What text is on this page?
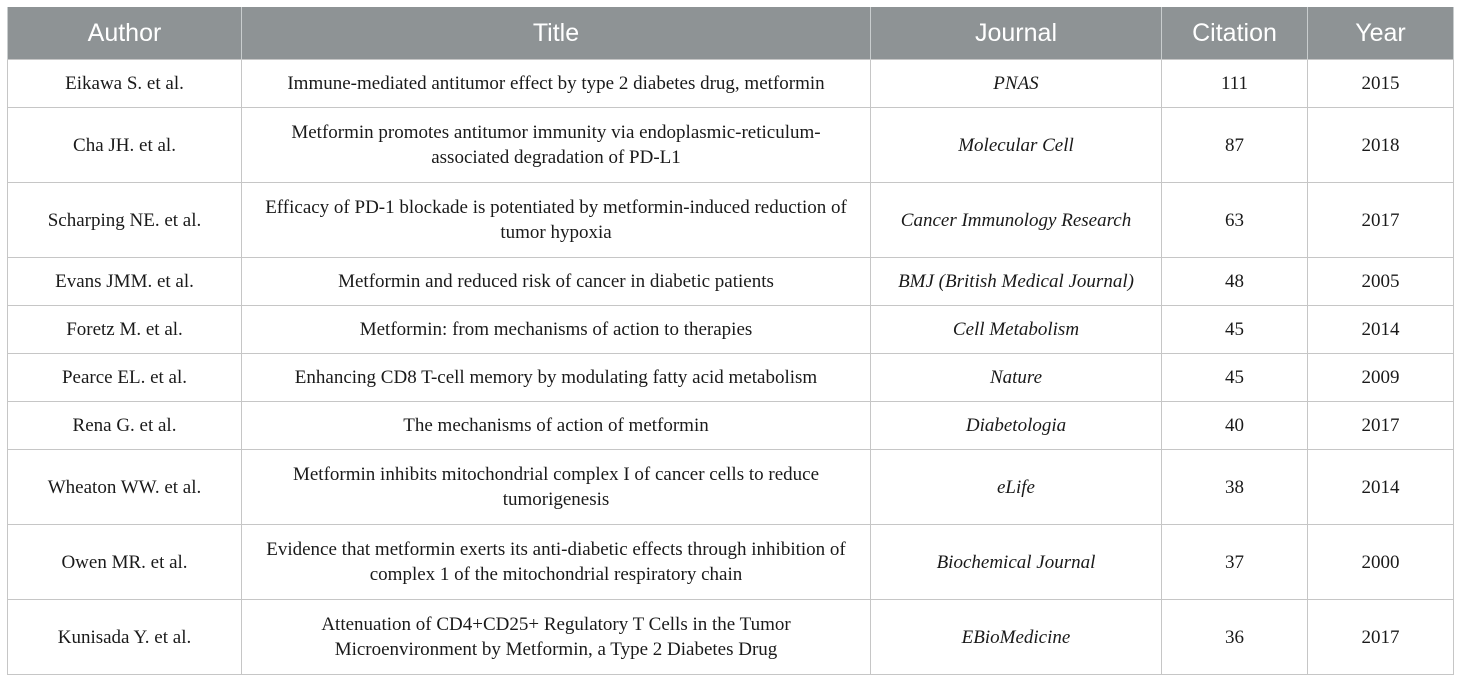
Author	Title	Journal	Citation	Year
Eikawa S. et al.	Immune-mediated antitumor effect by type 2 diabetes drug, metformin	PNAS	111	2015
Cha JH. et al.	Metformin promotes antitumor immunity via endoplasmic-reticulum-associated degradation of PD-L1	Molecular Cell	87	2018
Scharping NE. et al.	Efficacy of PD-1 blockade is potentiated by metformin-induced reduction of tumor hypoxia	Cancer Immunology Research	63	2017
Evans JMM. et al.	Metformin and reduced risk of cancer in diabetic patients	BMJ (British Medical Journal)	48	2005
Foretz M. et al.	Metformin: from mechanisms of action to therapies	Cell Metabolism	45	2014
Pearce EL. et al.	Enhancing CD8 T-cell memory by modulating fatty acid metabolism	Nature	45	2009
Rena G. et al.	The mechanisms of action of metformin	Diabetologia	40	2017
Wheaton WW. et al.	Metformin inhibits mitochondrial complex I of cancer cells to reduce tumorigenesis	eLife	38	2014
Owen MR. et al.	Evidence that metformin exerts its anti-diabetic effects through inhibition of complex 1 of the mitochondrial respiratory chain	Biochemical Journal	37	2000
Kunisada Y. et al.	Attenuation of CD4+CD25+ Regulatory T Cells in the Tumor Microenvironment by Metformin, a Type 2 Diabetes Drug	EBioMedicine	36	2017
